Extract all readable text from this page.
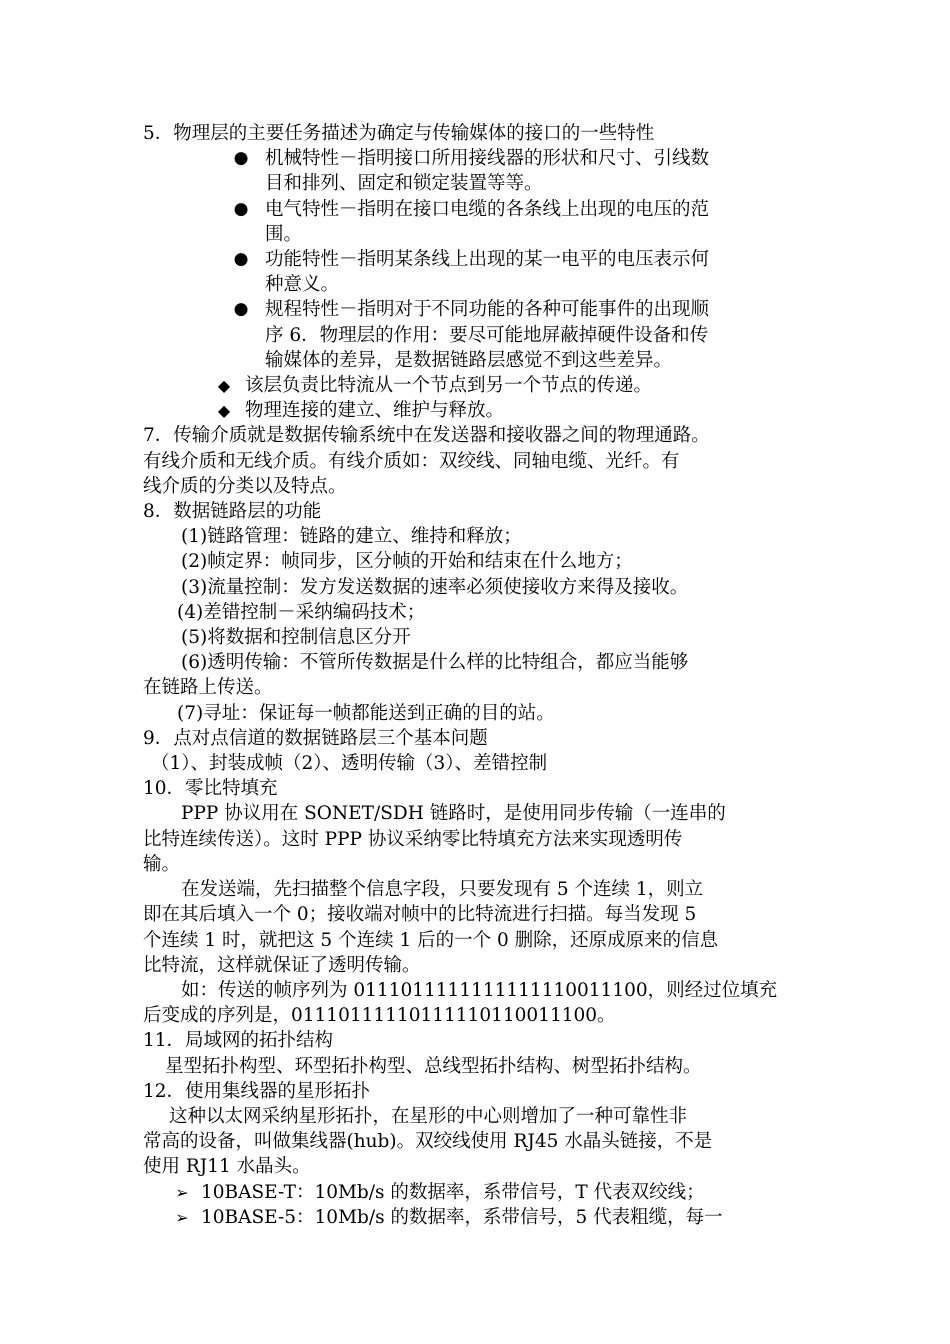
5．物理层的主要任务描述为确定与传输媒体的接口的一些特性
● 机械特性－指明接口所用接线器的形状和尺寸、引线数
目和排列、固定和锁定装置等等。
● 电气特性－指明在接口电缆的各条线上出现的电压的范
围。
● 功能特性－指明某条线上出现的某一电平的电压表示何
种意义。
● 规程特性－指明对于不同功能的各种可能事件的出现顺
序 6．物理层的作用：要尽可能地屏蔽掉硬件设备和传
输媒体的差异，是数据链路层感觉不到这些差异。
◆ 该层负责比特流从一个节点到另一个节点的传递。
◆ 物理连接的建立、维护与释放。
7．传输介质就是数据传输系统中在发送器和接收器之间的物理通路。
有线介质和无线介质。有线介质如：双绞线、同轴电缆、光纤。有
线介质的分类以及特点。
8．数据链路层的功能
(1)链路管理：链路的建立、维持和释放；
(2)帧定界：帧同步，区分帧的开始和结束在什么地方；
(3)流量控制：发方发送数据的速率必须使接收方来得及接收。
(4)差错控制－采纳编码技术；
(5)将数据和控制信息区分开
(6)透明传输：不管所传数据是什么样的比特组合，都应当能够
在链路上传送。
(7)寻址：保证每一帧都能送到正确的目的站。
9．点对点信道的数据链路层三个基本问题
（1）、封装成帧（2）、透明传输（3）、差错控制
10．零比特填充
PPP 协议用在 SONET/SDH 链路时，是使用同步传输（一连串的
比特连续传送）。这时 PPP 协议采纳零比特填充方法来实现透明传
输。
在发送端，先扫描整个信息字段，只要发现有 5 个连续 1，则立
即在其后填入一个 0；接收端对帧中的比特流进行扫描。每当发现 5
个连续 1 时，就把这 5 个连续 1 后的一个 0 删除，还原成原来的信息
比特流，这样就保证了透明传输。
如：传送的帧序列为 0111011111111111110011100，则经过位填充
后变成的序列是，011101111101111101100111​00。
11．局域网的拓扑结构
星型拓扑构型、环型拓扑构型、总线型拓扑结构、树型拓扑结构。
12．使用集线器的星形拓扑
这种以太网采纳星形拓扑，在星形的中心则增加了一种可靠性非
常高的设备，叫做集线器(hub)。双绞线使用 RJ45 水晶头链接，不是
使用 RJ11 水晶头。
➢ 10BASE-T：10Mb/s 的数据率，系带信号，T 代表双绞线；
➢ 10BASE-5：10Mb/s 的数据率，系带信号，5 代表粗缆，每一
